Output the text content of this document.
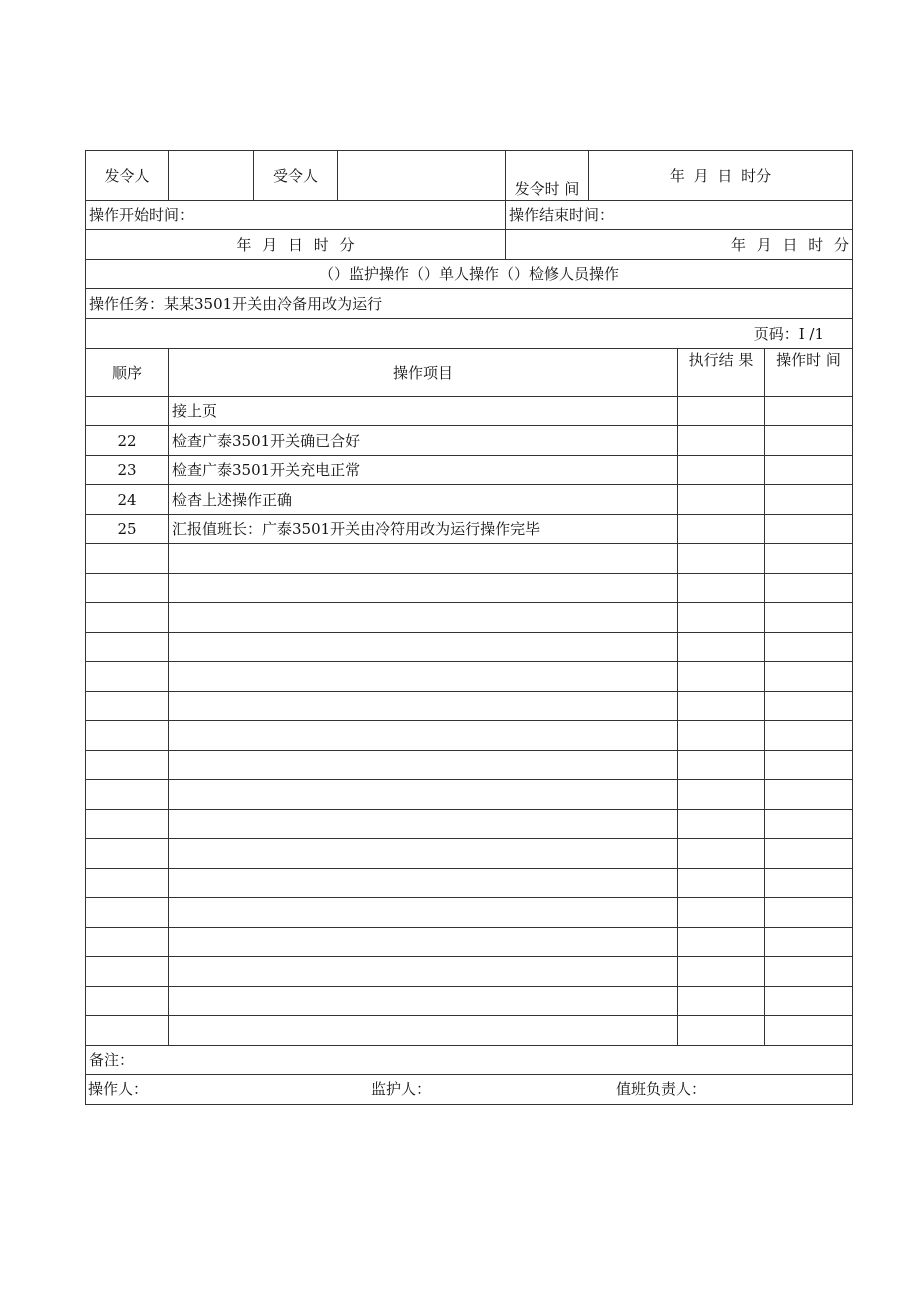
发令人		受令人		发令时 间	年 月 日 时分		
操作开始时间：				操作结束时间：			
年 月 日 时 分				年 月 日 时 分			
（）监护操作（）单人操作（）检修人员操作							
操作任务：某某3501开关由冷备用改为运行							
页码：I /1							
顺序	操作项目					执行结 果	操作时 间
	接上页						
22	检查广泰3501开关确已合好						
23	检查广泰3501开关充电正常						
24	检杳上述操作正确						
25	汇报值班长：广泰3501开关由冷符用改为运行操作完毕						

备注：							

操作人： 监护人： 值班负责人：							
